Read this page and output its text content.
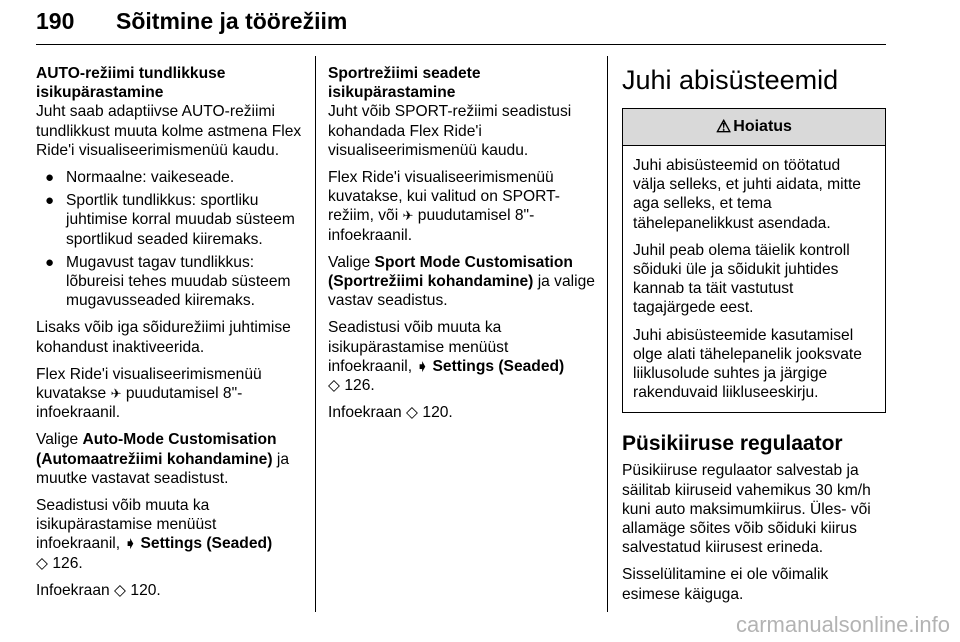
190 Sõitmine ja töörežiim
AUTO-režiimi tundlikkuse
isikupärastamine

Juht saab adaptiivse AUTO-režiimi tundlikkust muuta kolme astmena Flex Ride'i visualiseerimismenüü kaudu.

● Normaalne: vaikeseade.
● Sportlik tundlikkus: sportliku juhtimise korral muudab süsteem sportlikud seaded kiiremaks.
● Mugavust tagav tundlikkus: lõbureisi tehes muudab süsteem mugavusseaded kiiremaks.

Lisaks võib iga sõidurežiimi juhtimise kohandust inaktiveerida.

Flex Ride'i visualiseerimismenüü kuvatakse ✈ puudutamisel 8"-infoekraanil.

Valige Auto-Mode Customisation (Automaatrežiimi kohandamine) ja muutke vastavat seadistust.

Seadistusi võib muuta ka isikupärastamise menüüst infoekraanil, ➧ Settings (Seaded)
◇ 126.

Infoekraan ◇ 120.

Sportrežiimi seadete
isikupärastamine

Juht võib SPORT-režiimi seadistusi kohandada Flex Ride'i visualiseerimismenüü kaudu.

Flex Ride'i visualiseerimismenüü kuvatakse, kui valitud on SPORT-režiim, või ✈ puudutamisel 8"-infoekraanil.

Valige Sport Mode Customisation (Sportrežiimi kohandamine) ja valige vastav seadistus.

Seadistusi võib muuta ka isikupärastamise menüüst infoekraanil, ➧ Settings (Seaded)
◇ 126.

Infoekraan ◇ 120.

Juhi abisüsteemid
⚠ Hoiatus

Juhi abisüsteemid on töötatud välja selleks, et juhti aidata, mitte aga selleks, et tema tähelepanelikkust asendada.

Juhil peab olema täielik kontroll sõiduki üle ja sõidukit juhtides kannab ta täit vastutust tagajärgede eest.

Juhi abisüsteemide kasutamisel olge alati tähelepanelik jooksvate liiklusolude suhtes ja järgige rakenduvaid liikluseeskirju.

Püsikiiruse regulaator

Püsikiiruse regulaator salvestab ja säilitab kiiruseid vahemikus 30 km/h kuni auto maksimumkiirus. Üles- või allamäge sõites võib sõiduki kiirus salvestatud kiirusest erineda.

Sisselülitamine ei ole võimalik esimese käiguga.

carmanualsonline.info
